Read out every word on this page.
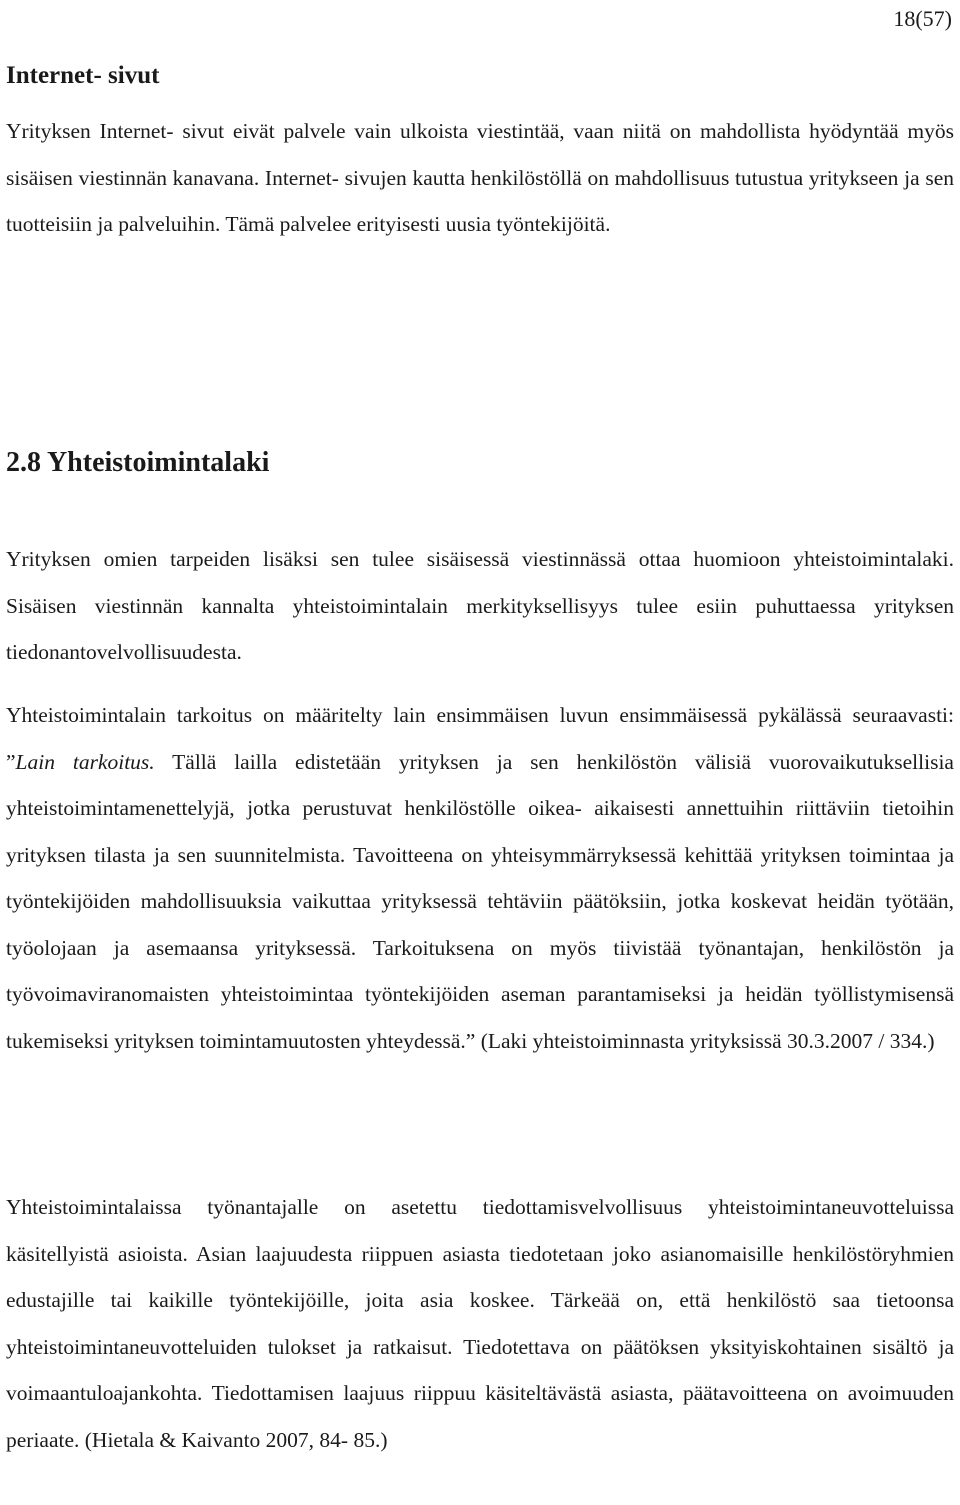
18(57)
Internet- sivut

Yrityksen Internet- sivut eivät palvele vain ulkoista viestintää, vaan niitä on mahdollista hyödyntää myös sisäisen viestinnän kanavana. Internet- sivujen kautta henkilöstöllä on mahdollisuus tutustua yritykseen ja sen tuotteisiin ja palveluihin. Tämä palvelee erityisesti uusia työntekijöitä.

2.8 Yhteistoimintalaki

Yrityksen omien tarpeiden lisäksi sen tulee sisäisessä viestinnässä ottaa huomioon yhteistoimintalaki. Sisäisen viestinnän kannalta yhteistoimintalain merkityksellisyys tulee esiin puhuttaessa yrityksen tiedonantovelvollisuudesta.

Yhteistoimintalain tarkoitus on määritelty lain ensimmäisen luvun ensimmäisessä pykälässä seuraavasti: ”Lain tarkoitus. Tällä lailla edistetään yrityksen ja sen henkilöstön välisiä vuorovaikutuksellisia yhteistoimintamenettelyjä, jotka perustuvat henkilöstölle oikea- aikaisesti annettuihin riittäviin tietoihin yrityksen tilasta ja sen suunnitelmista. Tavoitteena on yhteisymmärryksessä kehittää yrityksen toimintaa ja työntekijöiden mahdollisuuksia vaikuttaa yrityksessä tehtäviin päätöksiin, jotka koskevat heidän työtään, työolojaan ja asemaansa yrityksessä. Tarkoituksena on myös tiivistää työnantajan, henkilöstön ja työvoimaviranomaisten yhteistoimintaa työntekijöiden aseman parantamiseksi ja heidän työllistymisensä tukemiseksi yrityksen toimintamuutosten yhteydessä.” (Laki yhteistoiminnasta yrityksissä 30.3.2007 / 334.)

Yhteistoimintalaissa työnantajalle on asetettu tiedottamisvelvollisuus yhteistoimintaneuvotteluissa käsitellyistä asioista. Asian laajuudesta riippuen asiasta tiedotetaan joko asianomaisille henkilöstöryhmien edustajille tai kaikille työntekijöille, joita asia koskee. Tärkeää on, että henkilöstö saa tietoonsa yhteistoimintaneuvotteluiden tulokset ja ratkaisut. Tiedotettava on päätöksen yksityiskohtainen sisältö ja voimaantuloajankohta. Tiedottamisen laajuus riippuu käsiteltävästä asiasta, päätavoitteena on avoimuuden periaate. (Hietala & Kaivanto 2007, 84- 85.)
